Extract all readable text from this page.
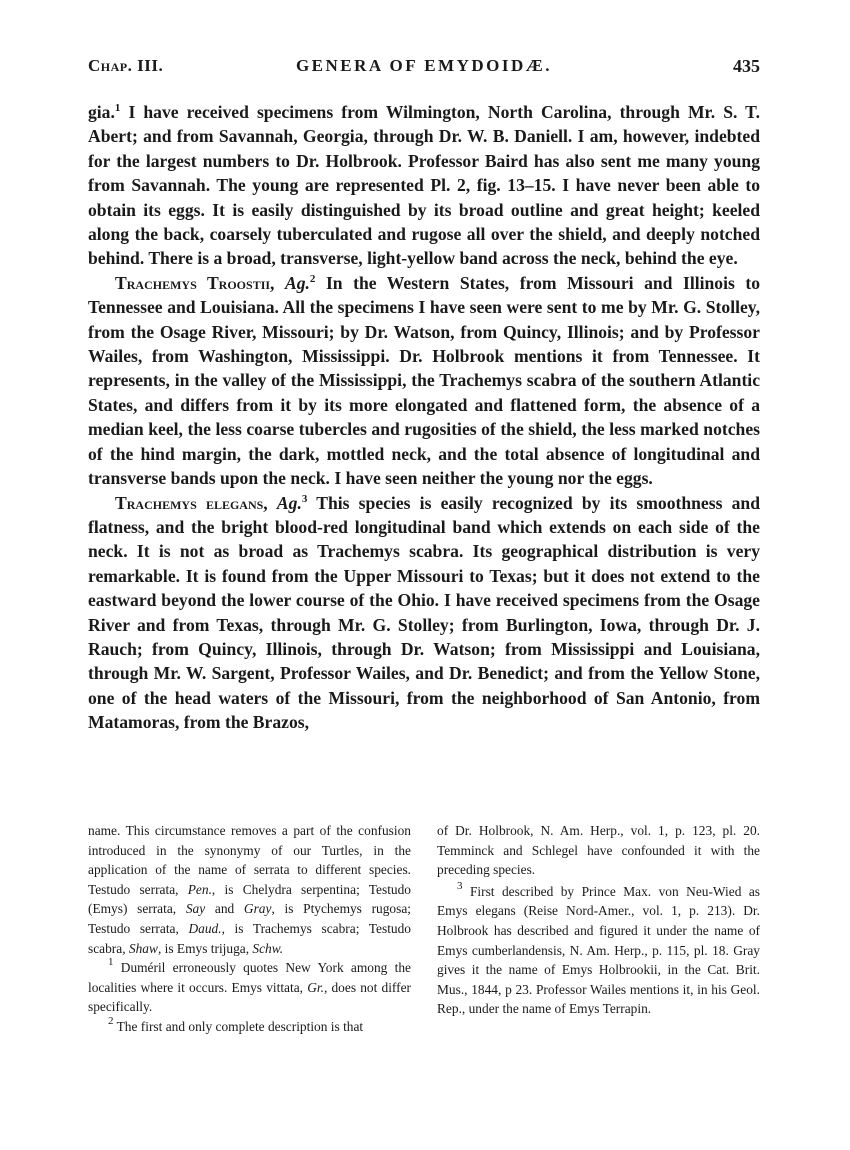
Chap. III.	GENERA OF EMYDOIDÆ.	435

gia.$^1$ I have received specimens from Wilmington, North Carolina, through Mr. S. T. Abert; and from Savannah, Georgia, through Dr. W. B. Daniell. I am, however, indebted for the largest numbers to Dr. Holbrook. Professor Baird has also sent me many young from Savannah. The young are represented Pl. 2, fig. 13–15. I have never been able to obtain its eggs. It is easily distinguished by its broad outline and great height; keeled along the back, coarsely tuberculated and rugose all over the shield, and deeply notched behind. There is a broad, transverse, light-yellow band across the neck, behind the eye.

Trachemys Troostii, Ag.$^2$ In the Western States, from Missouri and Illinois to Tennessee and Louisiana. All the specimens I have seen were sent to me by Mr. G. Stolley, from the Osage River, Missouri; by Dr. Watson, from Quincy, Illinois; and by Professor Wailes, from Washington, Mississippi. Dr. Holbrook mentions it from Tennessee. It represents, in the valley of the Mississippi, the Trachemys scabra of the southern Atlantic States, and differs from it by its more elongated and flattened form, the absence of a median keel, the less coarse tubercles and rugosities of the shield, the less marked notches of the hind margin, the dark, mottled neck, and the total absence of longitudinal and transverse bands upon the neck. I have seen neither the young nor the eggs.

Trachemys elegans, Ag.$^3$ This species is easily recognized by its smoothness and flatness, and the bright blood-red longitudinal band which extends on each side of the neck. It is not as broad as Trachemys scabra. Its geographical distribution is very remarkable. It is found from the Upper Missouri to Texas; but it does not extend to the eastward beyond the lower course of the Ohio. I have received specimens from the Osage River and from Texas, through Mr. G. Stolley; from Burlington, Iowa, through Dr. J. Rauch; from Quincy, Illinois, through Dr. Watson; from Mississippi and Louisiana, through Mr. W. Sargent, Professor Wailes, and Dr. Benedict; and from the Yellow Stone, one of the head waters of the Missouri, from the neighborhood of San Antonio, from Matamoras, from the Brazos,

name. This circumstance removes a part of the confusion introduced in the synonymy of our Turtles, in the application of the name of serrata to different species. Testudo serrata, Pen., is Chelydra serpentina; Testudo (Emys) serrata, Say and Gray, is Ptychemys rugosa; Testudo serrata, Daud., is Trachemys scabra; Testudo scabra, Shaw, is Emys trijuga, Schw.

$^1$ Duméril erroneously quotes New York among the localities where it occurs. Emys vittata, Gr., does not differ specifically.

$^2$ The first and only complete description is that

of Dr. Holbrook, N. Am. Herp., vol. 1, p. 123, pl. 20. Temminck and Schlegel have confounded it with the preceding species.

$^3$ First described by Prince Max. von Neu-Wied as Emys elegans (Reise Nord-Amer., vol. 1, p. 213). Dr. Holbrook has described and figured it under the name of Emys cumberlandensis, N. Am. Herp., p. 115, pl. 18. Gray gives it the name of Emys Holbrookii, in the Cat. Brit. Mus., 1844, p 23. Professor Wailes mentions it, in his Geol. Rep., under the name of Emys Terrapin.
